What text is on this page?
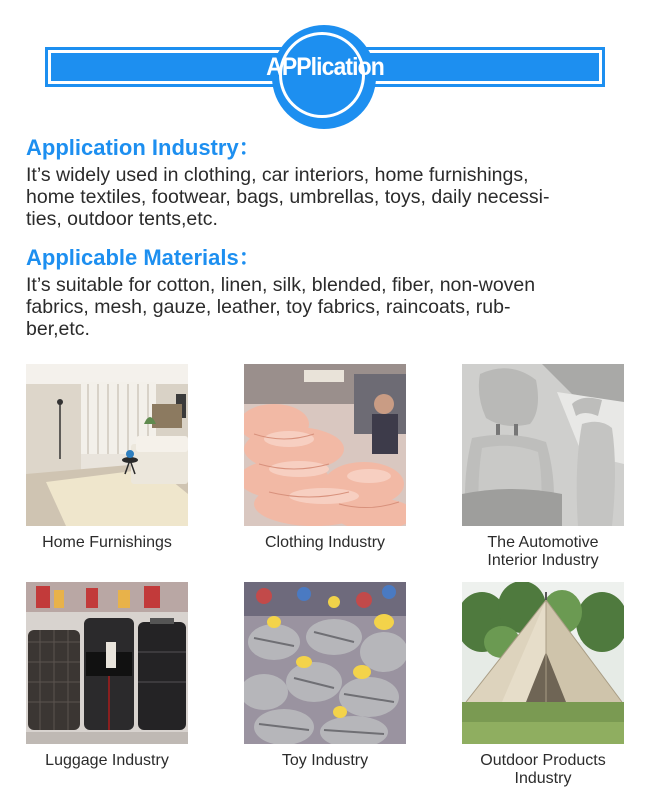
APPlication
Application Industry：

It’s widely used in clothing, car interiors, home furnishings,
home textiles, footwear, bags, umbrellas, toys, daily necessi-
ties, outdoor tents,etc.

Applicable Materials：

It’s suitable for cotton, linen, silk, blended, fiber, non-woven
fabrics, mesh, gauze, leather, toy fabrics, raincoats, rub-
ber,etc.

Home Furnishings	Clothing Industry	The Automotive
Interior Industry
Luggage Industry	Toy Industry	Outdoor Products
Industry
